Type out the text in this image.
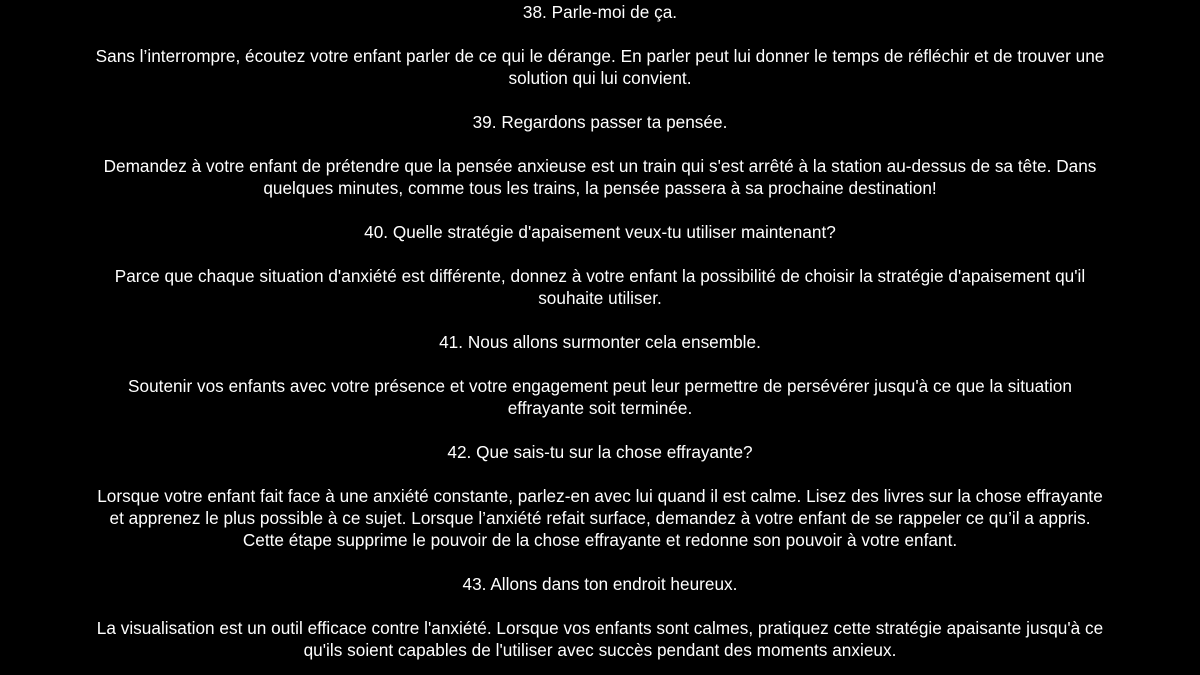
38. Parle-moi de ça.

Sans l’interrompre, écoutez votre enfant parler de ce qui le dérange. En parler peut lui donner le temps de réfléchir et de trouver une solution qui lui convient.

39. Regardons passer ta pensée.

Demandez à votre enfant de prétendre que la pensée anxieuse est un train qui s'est arrêté à la station au-dessus de sa tête. Dans quelques minutes, comme tous les trains, la pensée passera à sa prochaine destination!

40. Quelle stratégie d'apaisement veux-tu utiliser maintenant?

Parce que chaque situation d'anxiété est différente, donnez à votre enfant la possibilité de choisir la stratégie d'apaisement qu'il souhaite utiliser.

41. Nous allons surmonter cela ensemble.

Soutenir vos enfants avec votre présence et votre engagement peut leur permettre de persévérer jusqu'à ce que la situation effrayante soit terminée.

42. Que sais-tu sur la chose effrayante?

Lorsque votre enfant fait face à une anxiété constante, parlez-en avec lui quand il est calme. Lisez des livres sur la chose effrayante et apprenez le plus possible à ce sujet. Lorsque l’anxiété refait surface, demandez à votre enfant de se rappeler ce qu’il a appris. Cette étape supprime le pouvoir de la chose effrayante et redonne son pouvoir à votre enfant.

43. Allons dans ton endroit heureux.

La visualisation est un outil efficace contre l'anxiété. Lorsque vos enfants sont calmes, pratiquez cette stratégie apaisante jusqu'à ce qu'ils soient capables de l'utiliser avec succès pendant des moments anxieux.
